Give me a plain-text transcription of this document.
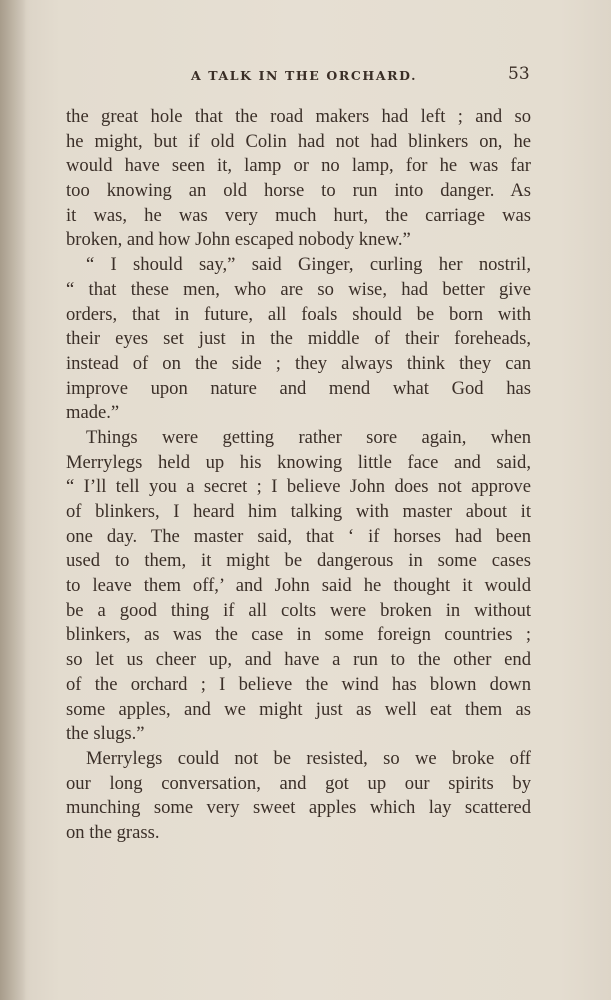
A TALK IN THE ORCHARD.	53
the great hole that the road makers had left ; and so
he might, but if old Colin had not had blinkers on, he
would have seen it, lamp or no lamp, for he was far
too knowing an old horse to run into danger. As
it was, he was very much hurt, the carriage was
broken, and how John escaped nobody knew.”
“ I should say,” said Ginger, curling her nostril,
“ that these men, who are so wise, had better give
orders, that in future, all foals should be born with
their eyes set just in the middle of their foreheads,
instead of on the side ; they always think they can
improve upon nature and mend what God has
made.”
Things were getting rather sore again, when
Merrylegs held up his knowing little face and said,
“ I’ll tell you a secret ; I believe John does not approve
of blinkers, I heard him talking with master about it
one day. The master said, that ‘ if horses had been
used to them, it might be dangerous in some cases
to leave them off,’ and John said he thought it would
be a good thing if all colts were broken in without
blinkers, as was the case in some foreign countries ;
so let us cheer up, and have a run to the other end
of the orchard ; I believe the wind has blown down
some apples, and we might just as well eat them as
the slugs.”
Merrylegs could not be resisted, so we broke off
our long conversation, and got up our spirits by
munching some very sweet apples which lay scattered
on the grass.
